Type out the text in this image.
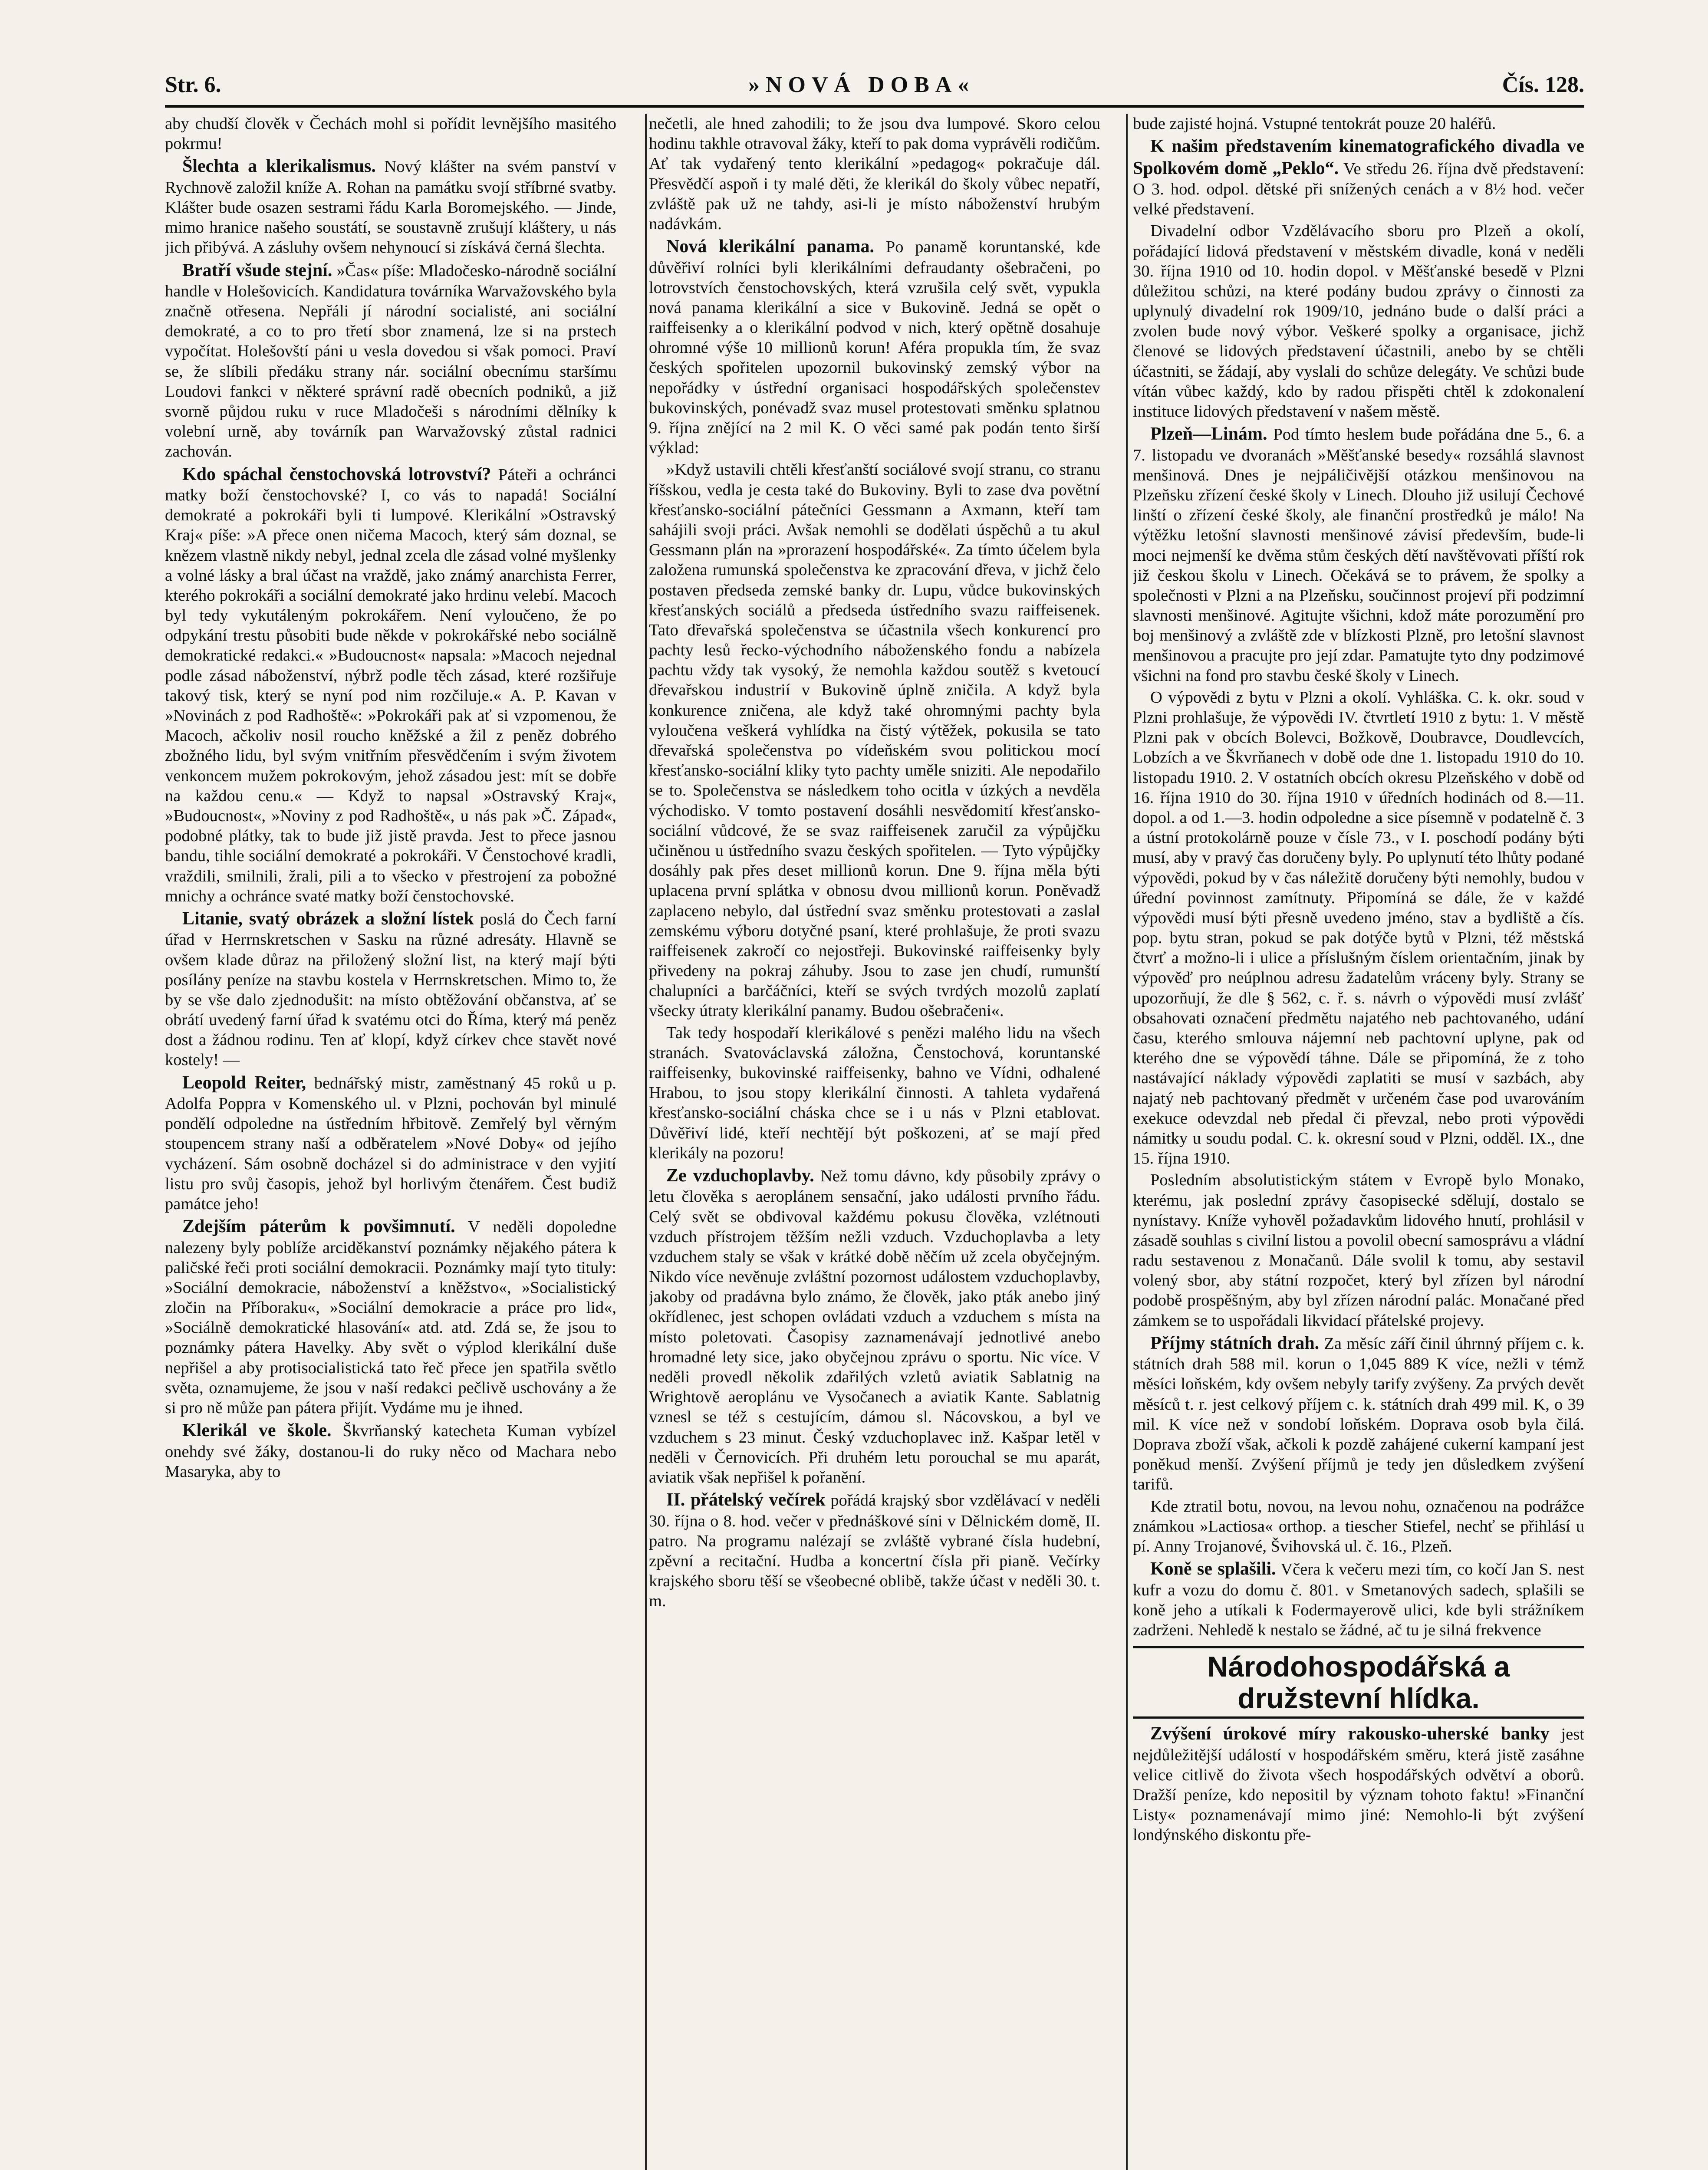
Str. 6.	»NOVÁ DOBA«	Čís. 128.

aby chudší člověk v Čechách mohl si pořídit levnějšího masitého pokrmu!

Šlechta a klerikalismus. Nový klášter na svém panství v Rychnově založil kníže A. Rohan na památku svojí stříbrné svatby. Klášter bude osazen sestrami řádu Karla Boromejského. — Jinde, mimo hranice našeho soustátí, se soustavně zrušují kláštery, u nás jich přibývá. A zásluhy ovšem nehynoucí si získává černá šlechta.

Bratří všude stejní. »Čas« píše: Mladočesko-národně sociální handle v Holešovicích. Kandidatura továrníka Warvažovského byla značně otřesena. Nepřáli jí národní socialisté, ani sociální demokraté, a co to pro třetí sbor znamená, lze si na prstech vypočítat. Holešovští páni u vesla dovedou si však pomoci. Praví se, že slíbili předáku strany nár. sociální obecnímu staršímu Loudovi fankci v některé správní radě obecních podniků, a již svorně půjdou ruku v ruce Mladočeši s národními dělníky k volební urně, aby továrník pan Warvažovský zůstal radnici zachován.

Kdo spáchal čenstochovská lotrovství? Páteři a ochránci matky boží čenstochovské? I, co vás to napadá! Sociální demokraté a pokrokáři byli ti lumpové. Klerikální »Ostravský Kraj« píše: »A přece onen ničema Macoch, který sám doznal, se knězem vlastně nikdy nebyl, jednal zcela dle zásad volné myšlenky a volné lásky a bral účast na vraždě, jako známý anarchista Ferrer, kterého pokrokáři a sociální demokraté jako hrdinu velebí. Macoch byl tedy vykutáleným pokrokářem. Není vyloučeno, že po odpykání trestu působiti bude někde v pokrokářské nebo sociálně demokratické redakci.« »Budoucnost« napsala: »Macoch nejednal podle zásad náboženství, nýbrž podle těch zásad, které rozšiřuje takový tisk, který se nyní pod nim rozčiluje.« A. P. Kavan v »Novinách z pod Radhoště«: »Pokrokáři pak ať si vzpomenou, že Macoch, ačkoliv nosil roucho kněžské a žil z peněz dobrého zbožného lidu, byl svým vnitřním přesvědčením i svým životem venkoncem mužem pokrokovým, jehož zásadou jest: mít se dobře na každou cenu.« — Když to napsal »Ostravský Kraj«, »Budoucnost«, »Noviny z pod Radhoště«, u nás pak »Č. Západ«, podobné plátky, tak to bude již jistě pravda. Jest to přece jasnou bandu, tihle sociální demokraté a pokrokáři. V Čenstochové kradli, vraždili, smilnili, žrali, pili a to všecko v přestrojení za pobožné mnichy a ochránce svaté matky boží čenstochovské.

Litanie, svatý obrázek a složní lístek poslá do Čech farní úřad v Herrnskretschen v Sasku na různé adresáty. Hlavně se ovšem klade důraz na přiložený složní list, na který mají býti posílány peníze na stavbu kostela v Herrnskretschen. Mimo to, že by se vše dalo zjednodušit: na místo obtěžování občanstva, ať se obrátí uvedený farní úřad k svatému otci do Říma, který má peněz dost a žádnou rodinu. Ten ať klopí, když církev chce stavět nové kostely! —

Leopold Reiter, bednářský mistr, zaměstnaný 45 roků u p. Adolfa Poppra v Komenského ul. v Plzni, pochován byl minulé pondělí odpoledne na ústředním hřbitově. Zemřelý byl věrným stoupencem strany naší a odběratelem »Nové Doby« od jejího vycházení. Sám osobně docházel si do administrace v den vyjití listu pro svůj časopis, jehož byl horlivým čtenářem. Čest budiž památce jeho!

Zdejším páterům k povšimnutí. V neděli dopoledne nalezeny byly poblíže arciděkanství poznámky nějakého pátera k paličské řeči proti sociální demokracii. Poznámky mají tyto tituly: »Sociální demokracie, náboženství a kněžstvo«, »Socialistický zločin na Příboraku«, »Sociální demokracie a práce pro lid«, »Sociálně demokratické hlasování« atd. atd. Zdá se, že jsou to poznámky pátera Havelky. Aby svět o výplod klerikální duše nepřišel a aby protisocialistická tato řeč přece jen spatřila světlo světa, oznamujeme, že jsou v naší redakci pečlivě uschovány a že si pro ně může pan pátera přijít. Vydáme mu je ihned.

Klerikál ve škole. Škvrňanský katecheta Kuman vybízel onehdy své žáky, dostanou-li do ruky něco od Machara nebo Masaryka, aby to

nečetli, ale hned zahodili; to že jsou dva lumpové. Skoro celou hodinu takhle otravoval žáky, kteří to pak doma vyprávěli rodičům. Ať tak vydařený tento klerikální »pedagog« pokračuje dál. Přesvědčí aspoň i ty malé děti, že klerikál do školy vůbec nepatří, zvláště pak už ne tahdy, asi-li je místo náboženství hrubým nadávkám.

Nová klerikální panama. Po panamě koruntanské, kde důvěřiví rolníci byli klerikálními defraudanty ošebračeni, po lotrovstvích čenstochovských, která vzrušila celý svět, vypukla nová panama klerikální a sice v Bukovině. Jedná se opět o raiffeisenky a o klerikální podvod v nich, který opětně dosahuje ohromné výše 10 millionů korun! Aféra propukla tím, že svaz českých spořitelen upozornil bukovinský zemský výbor na nepořádky v ústřední organisaci hospodářských společenstev bukovinských, ponévadž svaz musel protestovati směnku splatnou 9. října znějící na 2 mil K. O věci samé pak podán tento širší výklad:

»Když ustavili chtěli křesťanští sociálové svojí stranu, co stranu říšskou, vedla je cesta také do Bukoviny. Byli to zase dva povětní křesťansko-sociální pátečníci Gessmann a Axmann, kteří tam sahájili svoji práci. Avšak nemohli se dodělati úspěchů a tu akul Gessmann plán na »prorazení hospodářské«. Za tímto účelem byla založena rumunská společenstva ke zpracování dřeva, v jichž čelo postaven předseda zemské banky dr. Lupu, vůdce bukovinských křesťanských sociálů a předseda ústředního svazu raiffeisenek. Tato dřevařská společenstva se účastnila všech konkurencí pro pachty lesů řecko-východního náboženského fondu a nabízela pachtu vždy tak vysoký, že nemohla každou soutěž s kvetoucí dřevařskou industrií v Bukovině úplně zničila. A když byla konkurence zničena, ale když také ohromnými pachty byla vyloučena veškerá vyhlídka na čistý výtěžek, pokusila se tato dřevařská společenstva po vídeňském svou politickou mocí křesťansko-sociální kliky tyto pachty uměle sniziti. Ale nepodařilo se to. Společenstva se následkem toho ocitla v úzkých a nevděla východisko. V tomto postavení dosáhli nesvědomití křesťansko-sociální vůdcové, že se svaz raiffeisenek zaručil za výpůjčku učiněnou u ústředního svazu českých spořitelen. — Tyto výpůjčky dosáhly pak přes deset millionů korun. Dne 9. října měla býti uplacena první splátka v obnosu dvou millionů korun. Poněvadž zaplaceno nebylo, dal ústřední svaz směnku protestovati a zaslal zemskému výboru dotyčné psaní, které prohlašuje, že proti svazu raiffeisenek zakročí co nejostřeji. Bukovinské raiffeisenky byly přivedeny na pokraj záhuby. Jsou to zase jen chudí, rumunští chalupníci a barčáčníci, kteří se svých tvrdých mozolů zaplatí všecky útraty klerikální panamy. Budou ošebračeni«.

Tak tedy hospodaří klerikálové s penězi malého lidu na všech stranách. Svatováclavská záložna, Čenstochová, koruntanské raiffeisenky, bukovinské raiffeisenky, bahno ve Vídni, odhalené Hrabou, to jsou stopy klerikální činnosti. A tahleta vydařená křesťansko-sociální cháska chce se i u nás v Plzni etablovat. Důvěřiví lidé, kteří nechtějí být poškozeni, ať se mají před klerikály na pozoru!

Ze vzduchoplavby. Než tomu dávno, kdy působily zprávy o letu člověka s aeroplánem sensační, jako události prvního řádu. Celý svět se obdivoval každému pokusu člověka, vzlétnouti vzduch přístrojem těžším nežli vzduch. Vzduchoplavba a lety vzduchem staly se však v krátké době něčím už zcela obyčejným. Nikdo více nevěnuje zvláštní pozornost událostem vzduchoplavby, jakoby od pradávna bylo známo, že člověk, jako pták anebo jiný okřídlenec, jest schopen ovládati vzduch a vzduchem s místa na místo poletovati. Časopisy zaznamenávají jednotlivé anebo hromadné lety sice, jako obyčejnou zprávu o sportu. Nic více. V neděli provedl několik zdařilých vzletů aviatik Sablatnig na Wrightově aeroplánu ve Vysočanech a aviatik Kante. Sablatnig vznesl se též s cestujícím, dámou sl. Nácovskou, a byl ve vzduchem s 23 minut. Český vzduchoplavec inž. Kašpar letěl v neděli v Černovicích. Při druhém letu porouchal se mu aparát, aviatik však nepřišel k pořanění.

II. přátelský večírek pořádá krajský sbor vzdělávací v neděli 30. října o 8. hod. večer v přednáškové síni v Dělnickém domě, II. patro. Na programu nalézají se zvláště vybrané čísla hudební, zpěvní a recitační. Hudba a koncertní čísla při pianě. Večírky krajského sboru těší se všeobecné oblibě, takže účast v neděli 30. t. m.

bude zajisté hojná. Vstupné tentokrát pouze 20 haléřů.

K našim představením kinematografického divadla ve Spolkovém domě „Peklo“. Ve středu 26. října dvě představení: O 3. hod. odpol. dětské při snížených cenách a v 8½ hod. večer velké představení.

Divadelní odbor Vzdělávacího sboru pro Plzeň a okolí, pořádající lidová představení v městském divadle, koná v neděli 30. října 1910 od 10. hodin dopol. v Měšťanské besedě v Plzni důležitou schůzi, na které podány budou zprávy o činnosti za uplynulý divadelní rok 1909/10, jednáno bude o další práci a zvolen bude nový výbor. Veškeré spolky a organisace, jichž členové se lidových představení účastnili, anebo by se chtěli účastniti, se žádají, aby vyslali do schůze delegáty. Ve schůzi bude vítán vůbec každý, kdo by radou přispěti chtěl k zdokonalení instituce lidových představení v našem městě.

Plzeň—Linám. Pod tímto heslem bude pořádána dne 5., 6. a 7. listopadu ve dvoranách »Měšťanské besedy« rozsáhlá slavnost menšinová. Dnes je nejpáličivější otázkou menšinovou na Plzeňsku zřízení české školy v Linech. Dlouho již usilují Čechové linští o zřízení české školy, ale finanční prostředků je málo! Na výtěžku letošní slavnosti menšinové závisí především, bude-li moci nejmenší ke dvěma stům českých dětí navštěvovati příští rok již českou školu v Linech. Očekává se to právem, že spolky a společnosti v Plzni a na Plzeňsku, součinnost projeví při podzimní slavnosti menšinové. Agitujte všichni, kdož máte porozumění pro boj menšinový a zvláště zde v blízkosti Plzně, pro letošní slavnost menšinovou a pracujte pro její zdar. Pamatujte tyto dny podzimové všichni na fond pro stavbu české školy v Linech.

O výpovědi z bytu v Plzni a okolí. Vyhláška. C. k. okr. soud v Plzni prohlašuje, že výpovědi IV. čtvrtletí 1910 z bytu: 1. V městě Plzni pak v obcích Bolevci, Božkově, Doubravce, Doudlevcích, Lobzích a ve Škvrňanech v době ode dne 1. listopadu 1910 do 10. listopadu 1910. 2. V ostatních obcích okresu Plzeňského v době od 16. října 1910 do 30. října 1910 v úředních hodinách od 8.—11. dopol. a od 1.—3. hodin odpoledne a sice písemně v podatelně č. 3 a ústní protokolárně pouze v čísle 73., v I. poschodí podány býti musí, aby v pravý čas doručeny byly. Po uplynutí této lhůty podané výpovědi, pokud by v čas náležitě doručeny býti nemohly, budou v úřední povinnost zamítnuty. Připomíná se dále, že v každé výpovědi musí býti přesně uvedeno jméno, stav a bydliště a čís. pop. bytu stran, pokud se pak dotýče bytů v Plzni, též městská čtvrť a možno-li i ulice a příslušným číslem orientačním, jinak by výpověď pro neúplnou adresu žadatelům vráceny byly. Strany se upozorňují, že dle § 562, c. ř. s. návrh o výpovědi musí zvlášť obsahovati označení předmětu najatého neb pachtovaného, udání času, kterého smlouva nájemní neb pachtovní uplyne, pak od kterého dne se výpovědí táhne. Dále se připomíná, že z toho nastávající náklady výpovědi zaplatiti se musí v sazbách, aby najatý neb pachtovaný předmět v určeném čase pod uvarováním exekuce odevzdal neb předal či převzal, nebo proti výpovědi námitky u soudu podal. C. k. okresní soud v Plzni, odděl. IX., dne 15. října 1910.

Posledním absolutistickým státem v Evropě bylo Monako, kterému, jak poslední zprávy časopisecké sdělují, dostalo se nynístavy. Kníže vyhověl požadavkům lidového hnutí, prohlásil v zásadě souhlas s civilní listou a povolil obecní samosprávu a vládní radu sestavenou z Monačanů. Dále svolil k tomu, aby sestavil volený sbor, aby státní rozpočet, který byl zřízen byl národní podobě prospěšným, aby byl zřízen národní palác. Monačané před zámkem se to uspořádali likvidací přátelské projevy.

Příjmy státních drah. Za měsíc září činil úhrnný příjem c. k. státních drah 588 mil. korun o 1,045 889 K více, nežli v témž měsíci loňském, kdy ovšem nebyly tarify zvýšeny. Za prvých devět měsíců t. r. jest celkový příjem c. k. státních drah 499 mil. K, o 39 mil. K více než v sondobí loňském. Doprava osob byla čilá. Doprava zboží však, ačkoli k pozdě zahájené cukerní kampaní jest poněkud menší. Zvýšení příjmů je tedy jen důsledkem zvýšení tarifů.

Kde ztratil botu, novou, na levou nohu, označenou na podrážce známkou »Lactiosa« orthop. a tiescher Stiefel, nechť se přihlásí u pí. Anny Trojanové, Švihovská ul. č. 16., Plzeň.

Koně se splašili. Včera k večeru mezi tím, co kočí Jan S. nest kufr a vozu do domu č. 801. v Smetanových sadech, splašili se koně jeho a utíkali k Fodermayerově ulici, kde byli strážníkem zadrženi. Nehledě k nestalo se žádné, ač tu je silná frekvence

Národohospodářská a družstevní hlídka.

Zvýšení úrokové míry rakousko-uherské banky jest nejdůležitější událostí v hospodářském směru, která jistě zasáhne velice citlivě do života všech hospodářských odvětví a oborů. Dražší peníze, kdo nepositil by význam tohoto faktu! »Finanční Listy« poznamenávají mimo jiné: Nemohlo-li být zvýšení londýnského diskontu pře-
